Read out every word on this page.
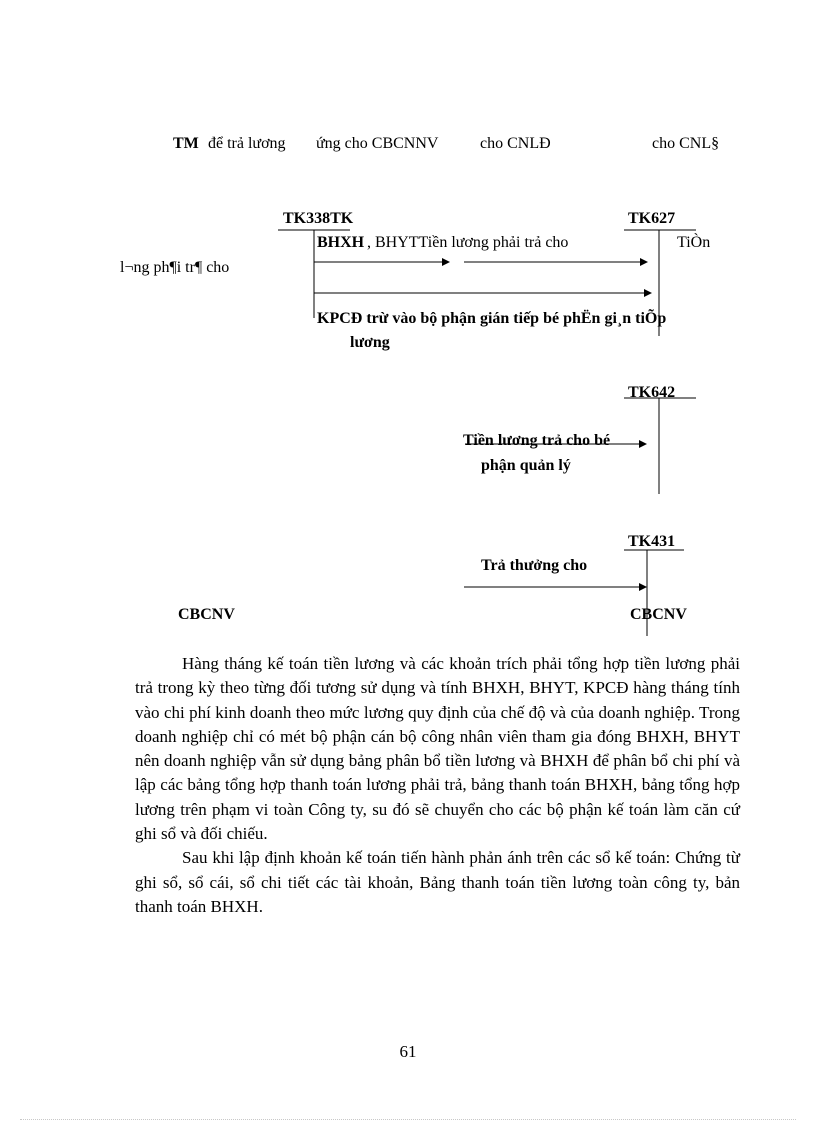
TM để trả lương ứng cho CBCNNV	cho CNLĐ	cho CNL§
TK338TK	TK627
BHXH , BHYTTiền lương phải trả cho	TiÒn
l¬ng ph¶i tr¶ cho
KPCĐ trừ vào bộ phận gián tiếp bé phËn gi¸n tiÕp
lương
TK642
Tiền lương trả cho bé
phận quản lý
TK431
Trả thưởng cho
CBCNV	CBCNV

Hàng tháng kế toán tiền lương và các khoản trích phải tổng hợp tiền lương phải trả trong kỳ theo từng đối tương sử dụng và tính BHXH, BHYT, KPCĐ hàng tháng tính vào chi phí kinh doanh theo mức lương quy định của chế độ và của doanh nghiệp. Trong doanh nghiệp chỉ có mét bộ phận cán bộ công nhân viên tham gia đóng BHXH, BHYT nên doanh nghiệp vẫn sử dụng bảng phân bổ tiền lương và BHXH để phân bổ chi phí và lập các bảng tổng hợp thanh toán lương phải trả, bảng thanh toán BHXH, bảng tổng hợp lương trên phạm vi toàn Công ty, su đó sẽ chuyển cho các bộ phận kế toán làm căn cứ ghi sổ và đối chiếu.

Sau khi lập định khoản kế toán tiến hành phản ánh trên các sổ kế toán: Chứng từ ghi sổ, sổ cái, sổ chi tiết các tài khoản, Bảng thanh toán tiền lương toàn công ty, bản thanh toán BHXH.

61
